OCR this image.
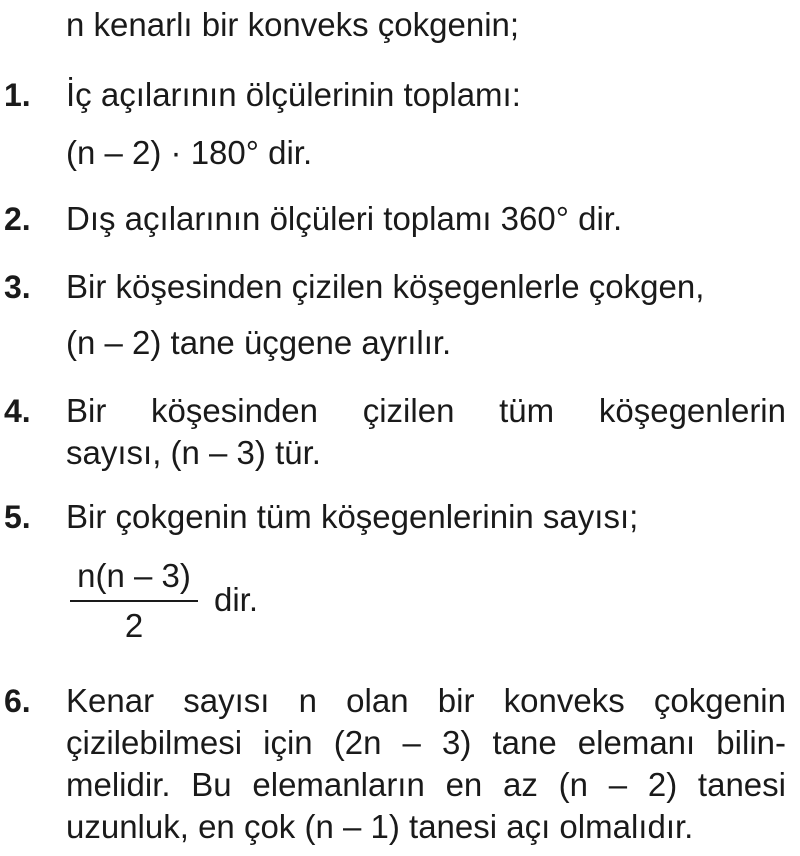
n kenarlı bir konveks çokgenin;
1. İç açılarının ölçülerinin toplamı:
(n – 2) · 180° dir.
2. Dış açılarının ölçüleri toplamı 360° dir.
3. Bir köşesinden çizilen köşegenlerle çokgen,
(n – 2) tane üçgene ayrılır.
4. Bir köşesinden çizilen tüm köşegenlerin
sayısı, (n – 3) tür.
5. Bir çokgenin tüm köşegenlerinin sayısı;
$\frac{n(n - 3)}{2}$ dir.
6. Kenar sayısı n olan bir konveks çokgenin
çizilebilmesi için (2n – 3) tane elemanı bilin-
melidir. Bu elemanların en az (n – 2) tanesi
uzunluk, en çok (n – 1) tanesi açı olmalıdır.
